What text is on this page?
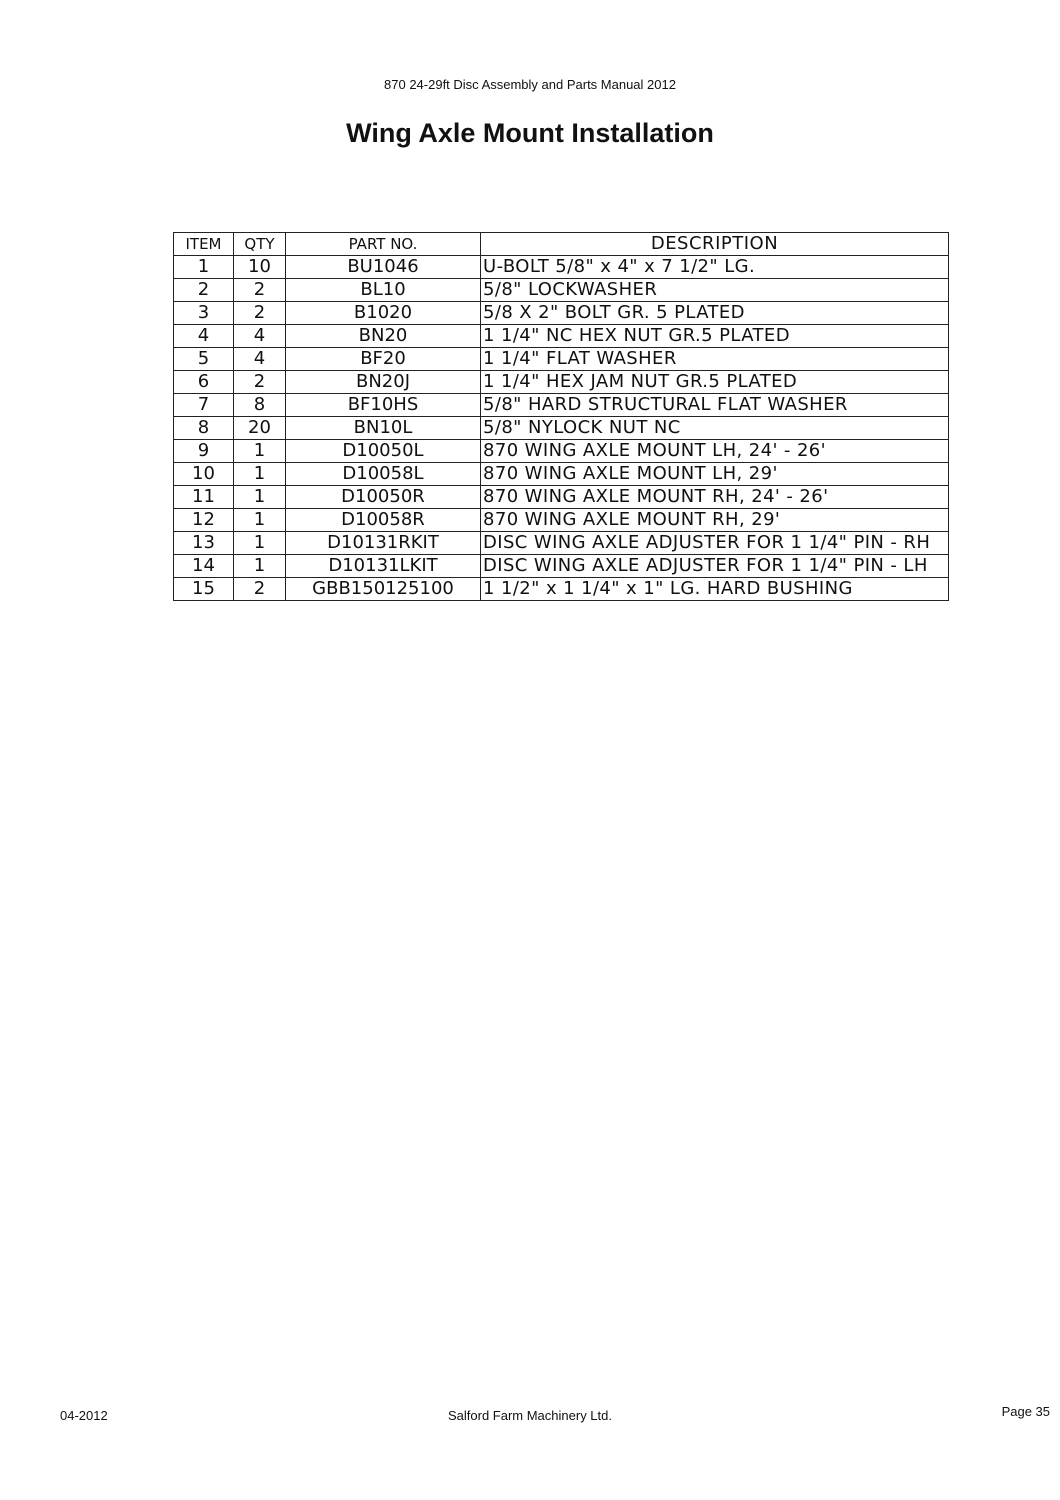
870 24-29ft Disc Assembly and Parts Manual 2012
Wing Axle Mount Installation
ITEM	QTY	PART NO.	DESCRIPTION
1	10	BU1046	U-BOLT 5/8" x 4" x 7 1/2" LG.
2	2	BL10	5/8" LOCKWASHER
3	2	B1020	5/8 X 2" BOLT GR. 5 PLATED
4	4	BN20	1 1/4" NC HEX NUT GR.5 PLATED
5	4	BF20	1 1/4" FLAT WASHER
6	2	BN20J	1 1/4" HEX JAM NUT GR.5 PLATED
7	8	BF10HS	5/8" HARD STRUCTURAL FLAT WASHER
8	20	BN10L	5/8" NYLOCK NUT NC
9	1	D10050L	870 WING AXLE MOUNT LH, 24' - 26'
10	1	D10058L	870 WING AXLE MOUNT LH, 29'
11	1	D10050R	870 WING AXLE MOUNT RH, 24' - 26'
12	1	D10058R	870 WING AXLE MOUNT RH, 29'
13	1	D10131RKIT	DISC WING AXLE ADJUSTER FOR 1 1/4" PIN - RH
14	1	D10131LKIT	DISC WING AXLE ADJUSTER FOR 1 1/4" PIN - LH
15	2	GBB150125100	1 1/2" x 1 1/4" x 1" LG. HARD BUSHING
04-2012	Salford Farm Machinery Ltd.	Page 35
